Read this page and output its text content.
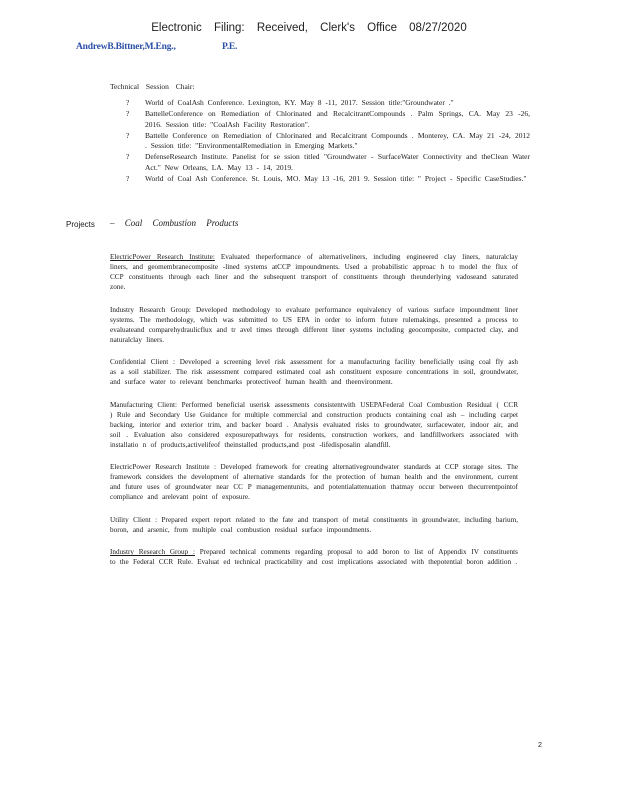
Electronic Filing: Received, Clerk's Office 08/27/2020
AndrewB.Bittner,M.Eng.,	P.E.
Technical Session Chair:
? World of CoalAsh Conference. Lexington, KY. May 8 -11, 2017. Session title:"Groundwater ."
? BattelleConference on Remediation of Chlorinated and RecalcitrantCompounds . Palm Springs, CA. May 23 -26, 2016. Session title: "CoalAsh Facility Restoration".
? Battelle Conference on Remediation of Chlorinated and Recalcitrant Compounds . Monterey, CA. May 21 -24, 2012 . Session title: "EnvironmentalRemediation in Emerging Markets."
? DefenseResearch Institute. Panelist for se ssion titled "Groundwater - SurfaceWater Connectivity and theClean Water Act." New Orleans, LA. May 13 - 14, 2019.
? World of Coal Ash Conference. St. Louis, MO. May 13 -16, 201 9. Session title: " Project - Specific CaseStudies."
Projects – Coal Combustion Products

ElectricPower Research Institute: Evaluated theperformance of alternativeliners, including engineered clay liners, naturalclay liners, and geomembranecomposite -lined systems atCCP impoundments. Used a probabilistic approac h to model the flux of CCP constituents through each liner and the subsequent transport of constituents through theunderlying vadoseand saturated zone.

Industry Research Group: Developed methodology to evaluate performance equivalency of various surface impoundment liner systems. The methodology, which was submitted to US EPA in order to inform future rulemakings, presented a process to evaluateand comparehydraulicflux and tr avel times through different liner systems including geocomposite, compacted clay, and naturalclay liners.

Confidential Client : Developed a screening level risk assessment for a manufacturing facility beneficially using coal fly ash as a soil stabilizer. The risk assessment compared estimated coal ash constituent exposure concentrations in soil, groundwater, and surface water to relevant benchmarks protectiveof human health and theenvironment.

Manufacturing Client: Performed beneficial userisk assessments consistentwith USEPAFederal Coal Combustion Residual ( CCR ) Rule and Secondary Use Guidance for multiple commercial and construction products containing coal ash – including carpet backing, interior and exterior trim, and backer board . Analysis evaluated risks to groundwater, surfacewater, indoor air, and soil . Evaluation also considered exposurepathways for residents, construction workers, and landfillworkers associated with installatio n of products,activelifeof theinstalled products,and post -lifedisposalin alandfill.

ElectricPower Research Institute : Developed framework for creating alternativegroundwater standards at CCP storage sites. The framework considers the development of alternative standards for the protection of human health and the environment, current and future uses of groundwater near CC P managementunits, and potentialattenuation thatmay occur between thecurrentpointof compliance and arelevant point of exposure.

Utility Client : Prepared expert report related to the fate and transport of metal constituents in groundwater, including barium, boron, and arsenic, from multiple coal combustion residual surface impoundments.

Industry Research Group : Prepared technical comments regarding proposal to add boron to list of Appendix IV constituents to the Federal CCR Rule. Evaluat ed technical practicability and cost implications associated with thepotential boron addition .

2
